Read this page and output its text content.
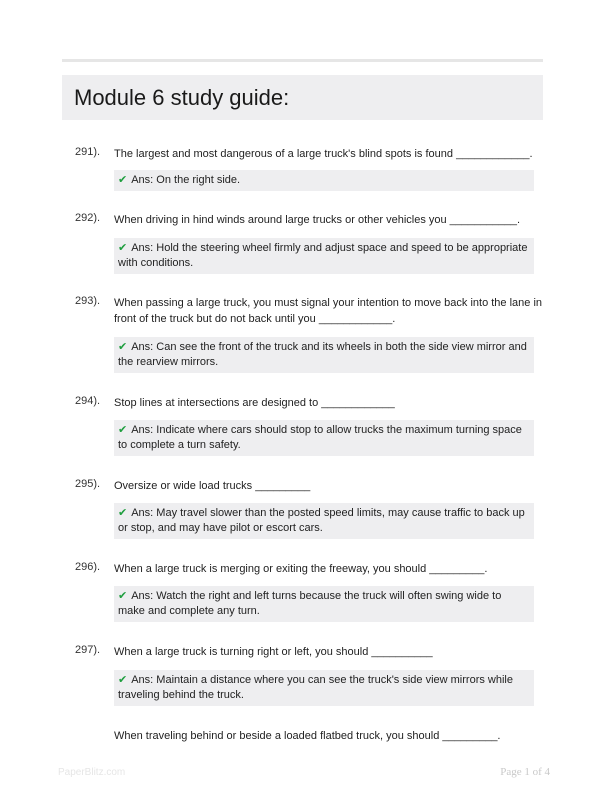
Module 6 study guide:
291). The largest and most dangerous of a large truck's blind spots is found ____________.
✔ Ans: On the right side.
292). When driving in hind winds around large trucks or other vehicles you ___________.
✔ Ans: Hold the steering wheel firmly and adjust space and speed to be appropriate with conditions.
293). When passing a large truck, you must signal your intention to move back into the lane in front of the truck but do not back until you ____________.
✔ Ans: Can see the front of the truck and its wheels in both the side view mirror and the rearview mirrors.
294). Stop lines at intersections are designed to ____________
✔ Ans: Indicate where cars should stop to allow trucks the maximum turning space to complete a turn safety.
295). Oversize or wide load trucks _________
✔ Ans: May travel slower than the posted speed limits, may cause traffic to back up or stop, and may have pilot or escort cars.
296). When a large truck is merging or exiting the freeway, you should _________.
✔ Ans: Watch the right and left turns because the truck will often swing wide to make and complete any turn.
297). When a large truck is turning right or left, you should __________
✔ Ans: Maintain a distance where you can see the truck's side view mirrors while traveling behind the truck.
When traveling behind or beside a loaded flatbed truck, you should _________.
PaperBlitz.com	Page 1 of 4
